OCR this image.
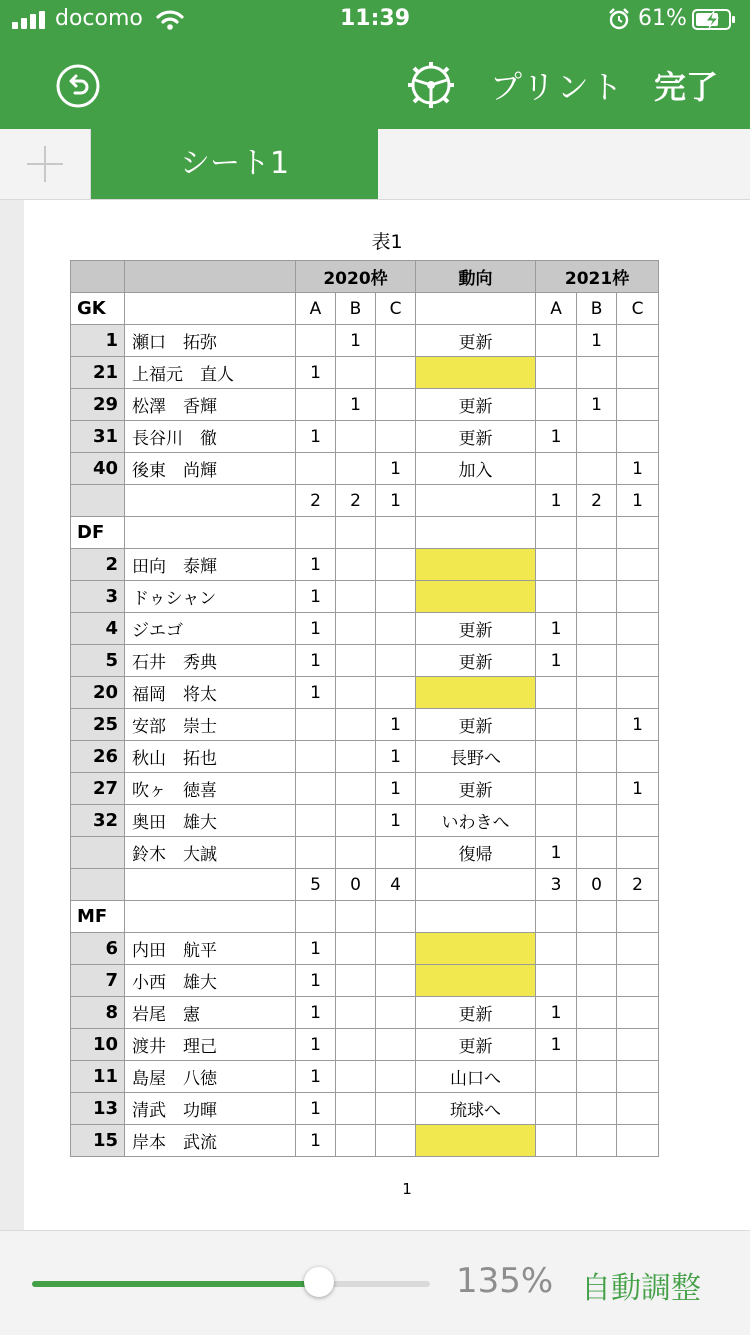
docomo	11:39	61%
プリント 完了
シート1
表1
		2020枠			動向	2021枠		
GK		A	B	C		A	B	C
1	瀬口　拓弥		1		更新		1	
21	上福元　直人	1						
29	松澤　香輝		1		更新		1	
31	長谷川　徹	1			更新	1		
40	後東　尚輝			1	加入			1
		2	2	1		1	2	1
DF								
2	田向　泰輝	1						
3	ドゥシャン	1						
4	ジエゴ	1			更新	1		
5	石井　秀典	1			更新	1		
20	福岡　将太	1						
25	安部　崇士			1	更新			1
26	秋山　拓也			1	長野へ			
27	吹ヶ　徳喜			1	更新			1
32	奥田　雄大			1	いわきへ			
	鈴木　大誠				復帰	1		
		5	0	4		3	0	2
MF								
6	内田　航平	1						
7	小西　雄大	1						
8	岩尾　憲	1			更新	1		
10	渡井　理己	1			更新	1		
11	島屋　八徳	1			山口へ			
13	清武　功暉	1			琉球へ			
15	岸本　武流	1						
1
135% 自動調整
